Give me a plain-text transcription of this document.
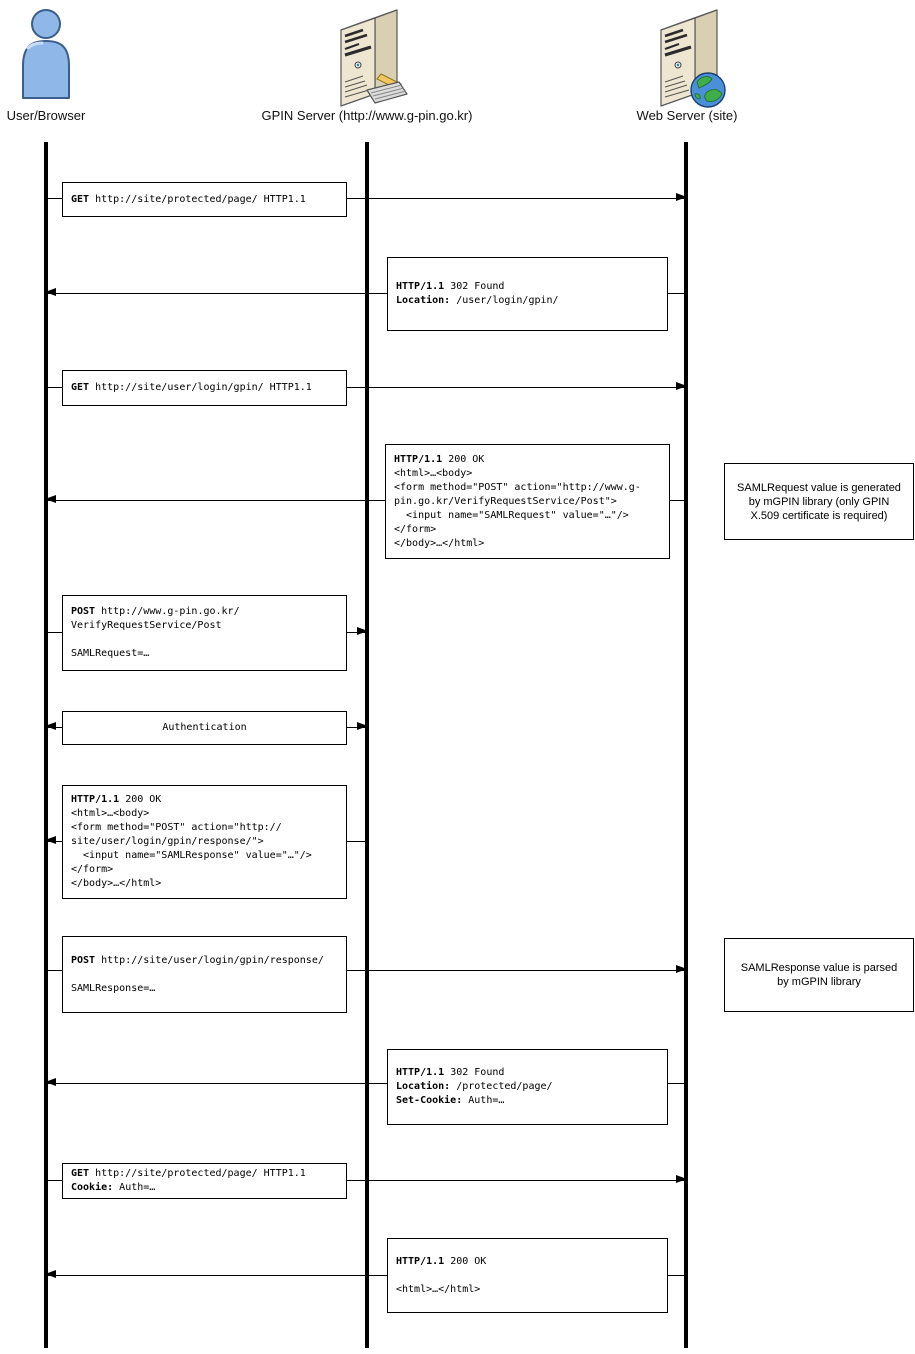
User/Browser	GPIN Server (http://www.g-pin.go.kr)	Web Server (site)
GET http://site/protected/page/ HTTP1.1
HTTP/1.1 302 Found
Location: /user/login/gpin/
GET http://site/user/login/gpin/ HTTP1.1
HTTP/1.1 200 OK
<html>…<body>
<form method="POST" action="http://www.g-
pin.go.kr/VerifyRequestService/Post">
<input name="SAMLRequest" value="…"/>
</form>
</body>…</html>
SAMLRequest value is generated by mGPIN library (only GPIN X.509 certificate is required)
POST http://www.g-pin.go.kr/
VerifyRequestService/Post
SAMLRequest=…
Authentication
HTTP/1.1 200 OK
<html>…<body>
<form method="POST" action="http://
site/user/login/gpin/response/">
<input name="SAMLResponse" value="…"/>
</form>
</body>…</html>
POST http://site/user/login/gpin/response/
SAMLResponse=…
SAMLResponse value is parsed by mGPIN library
HTTP/1.1 302 Found
Location: /protected/page/
Set-Cookie: Auth=…
GET http://site/protected/page/ HTTP1.1
Cookie: Auth=…
HTTP/1.1 200 OK
<html>…</html>
